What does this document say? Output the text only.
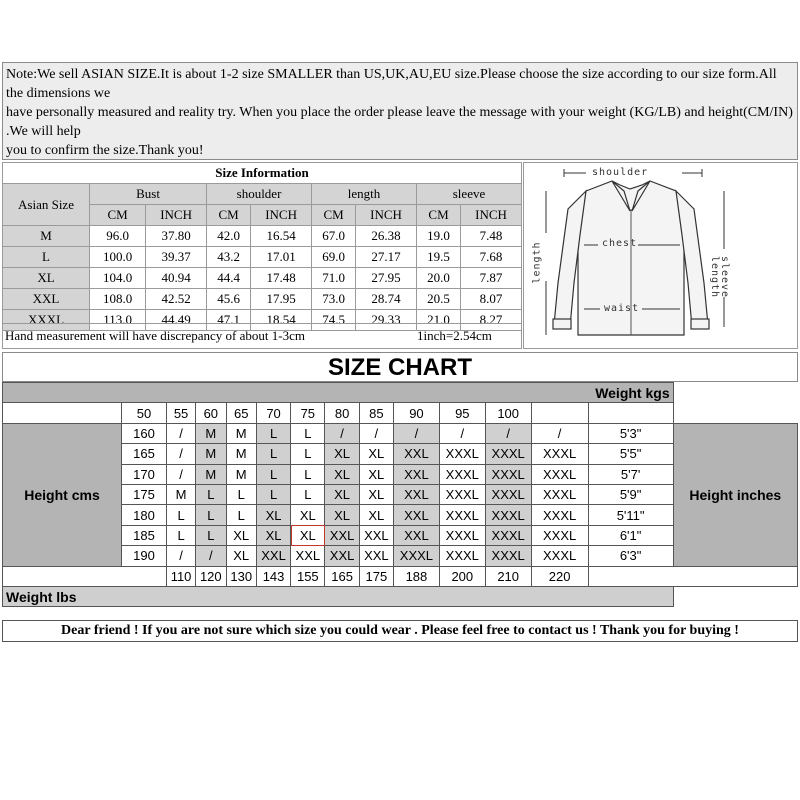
Note:We sell ASIAN SIZE.It is about 1-2 size SMALLER than US,UK,AU,EU size.Please choose the size according to our size form.All the dimensions we
have personally measured and reality try. When you place the order please leave the message with your weight (KG/LB) and height(CM/IN) .We will help
you to confirm the size.Thank you!
Size Information								
Asian Size	Bust		shoulder		length		sleeve	
	CM	INCH	CM	INCH	CM	INCH	CM	INCH
M	96.0	37.80	42.0	16.54	67.0	26.38	19.0	7.48
L	100.0	39.37	43.2	17.01	69.0	27.17	19.5	7.68
XL	104.0	40.94	44.4	17.48	71.0	27.95	20.0	7.87
XXL	108.0	42.52	45.6	17.95	73.0	28.74	20.5	8.07
XXXL	113.0	44.49	47.1	18.54	74.5	29.33	21.0	8.27
Hand measurement will have discrepancy of about 1-3cm	1inch=2.54cm
shoulder
chest
waist
length	sleeve length
SIZE CHART
Weight kgs														
	50	55	60	65	70	75	80	85	90	95	100			
Height cms	160	/	M	M	L	L	/	/	/	/	/	/	5'3"	Height inches
	165	/	M	M	L	L	XL	XL	XXL	XXXL	XXXL	XXXL	5'5"	
	170	/	M	M	L	L	XL	XL	XXL	XXXL	XXXL	XXXL	5'7'	
	175	M	L	L	L	L	XL	XL	XXL	XXXL	XXXL	XXXL	5'9"	
	180	L	L	L	XL	XL	XL	XL	XXL	XXXL	XXXL	XXXL	5'11"	
	185	L	L	XL	XL	XL	XXL	XXL	XXL	XXXL	XXXL	XXXL	6'1"	
	190	/	/	XL	XXL	XXL	XXL	XXL	XXXL	XXXL	XXXL	XXXL	6'3"	
		110	120	130	143	155	165	175	188	200	210	220		
Weight lbs														
Dear friend ! If you are not sure which size you could wear . Please feel free to contact us ! Thank you for buying !
